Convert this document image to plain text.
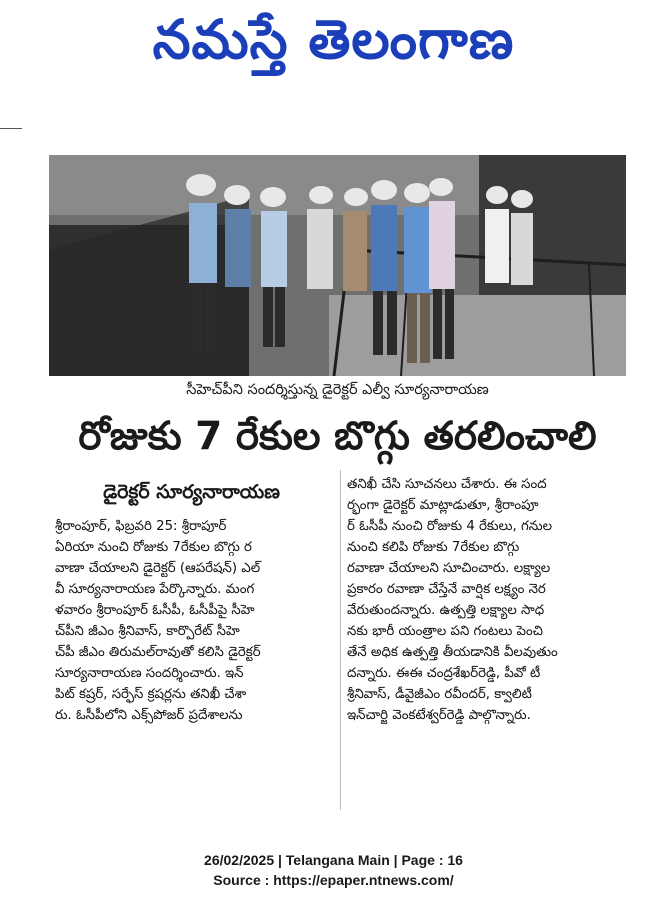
నమస్తే తెలంగాణ
సీహెచ్‌పీని సందర్శిస్తున్న డైరెక్టర్ ఎల్వీ సూర్యనారాయణ
రోజుకు 7 రేకుల బొగ్గు తరలించాలి
డైరెక్టర్ సూర్యనారాయణ
శ్రీరాంపూర్, ఫిబ్రవరి 25: శ్రీరాపూర్
ఏరియా నుంచి రోజుకు 7రేకుల బొగ్గు ర
వాణా చేయాలని డైరెక్టర్ (ఆపరేషన్) ఎల్
వీ సూర్యనారాయణ పేర్కొన్నారు. మంగ
ళవారం శ్రీరాంపూర్ ఓసీపీ, ఓసీపీపై సీహె
చ్‌పీని జీఎం శ్రీనివాస్, కార్పొరేట్ సీహె
చ్‌పీ జీఎం తిరుమల్‌రావుతో కలిసి డైరెక్టర్
సూర్యనారాయణ సందర్శించారు. ఇన్
పిట్ కష్రర్, సర్ఫేస్ క్రషర్లను తనిఖీ చేశా
రు. ఓసీపీలోని ఎక్స్‌పోజర్ ప్రదేశాలను
తనిఖీ చేసి సూచనలు చేశారు. ఈ సంద
ర్భంగా డైరెక్టర్ మాట్లాడుతూ, శ్రీరాంపూ
ర్ ఓసీపీ నుంచి రోజుకు 4 రేకులు, గనుల
నుంచి కలిపి రోజుకు 7రేకుల బొగ్గు
రవాణా చేయాలని సూచించారు. లక్ష్యాల
ప్రకారం రవాణా చేస్తేనే వార్షిక లక్ష్యం నెర
వేరుతుందన్నారు. ఉత్పత్తి లక్ష్యాల సాధ
నకు భారీ యంత్రాల పని గంటలు పెంచి
తేనే అధిక ఉత్పత్తి తీయడానికి వీలవుతుం
దన్నారు. ఈఈ చంద్రశేఖర్‌రెడ్డి, పీవో టీ
శ్రీనివాస్, డీవైజీఎం రవీందర్, క్వాలిటీ
ఇన్‌చార్జి వెంకటేశ్వర్‌రెడ్డి పాల్గొన్నారు.
26/02/2025 | Telangana Main | Page : 16
Source : https://epaper.ntnews.com/
